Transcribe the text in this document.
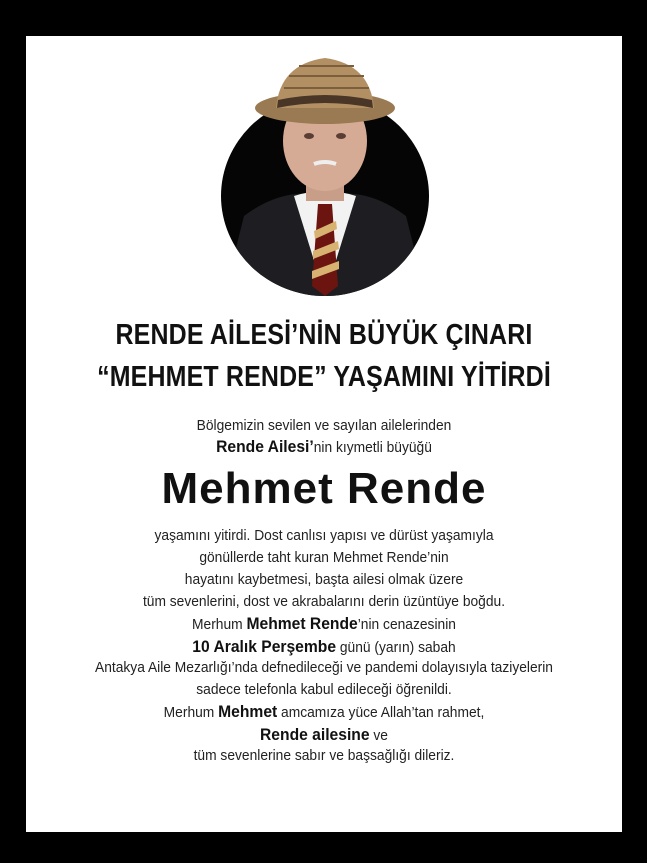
RENDE AİLESİ’NİN BÜYÜK ÇINARI
“MEHMET RENDE” YAŞAMINI YİTİRDİ
Bölgemizin sevilen ve sayılan ailelerinden
Rende Ailesi’nin kıymetli büyüğü
Mehmet Rende
yaşamını yitirdi. Dost canlısı yapısı ve dürüst yaşamıyla
gönüllerde taht kuran Mehmet Rende’nin
hayatını kaybetmesi, başta ailesi olmak üzere
tüm sevenlerini, dost ve akrabalarını derin üzüntüye boğdu.
Merhum Mehmet Rende’nin cenazesinin
10 Aralık Perşembe günü (yarın) sabah
Antakya Aile Mezarlığı’nda defnedileceği ve pandemi dolayısıyla taziyelerin
sadece telefonla kabul edileceği öğrenildi.
Merhum Mehmet amcamıza yüce Allah’tan rahmet,
Rende ailesine ve
tüm sevenlerine sabır ve başsağlığı dileriz.
